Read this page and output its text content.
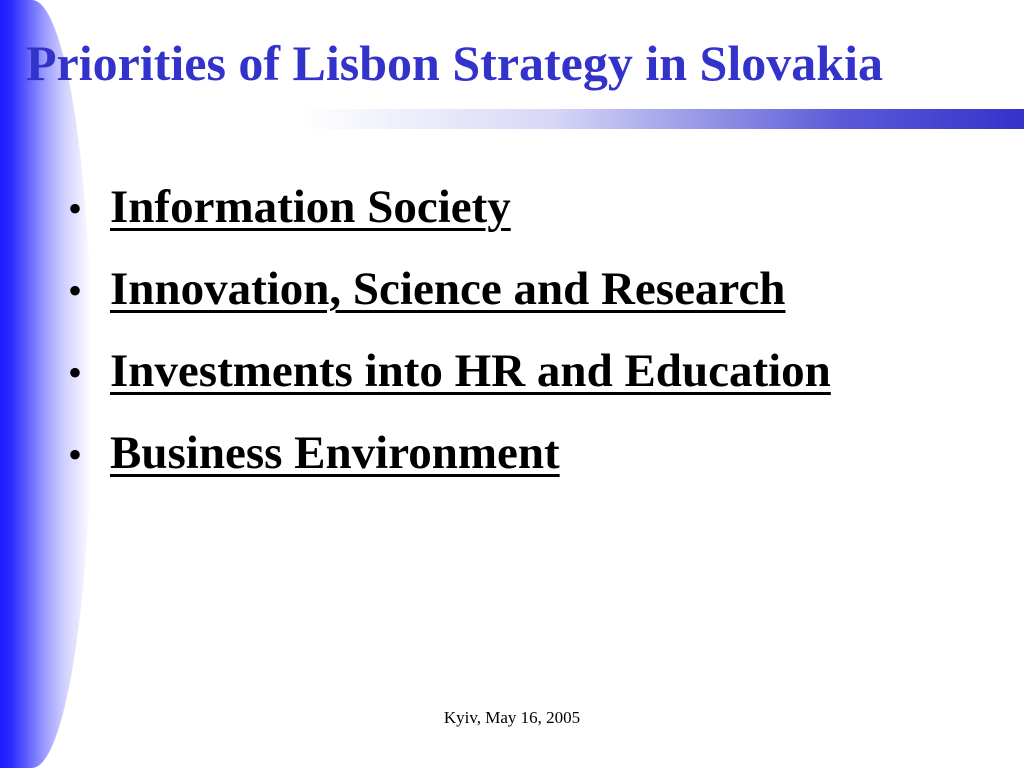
Priorities of Lisbon Strategy in Slovakia
• Information Society
• Innovation, Science and Research
• Investments into HR and Education
• Business Environment
Kyiv, May 16, 2005
